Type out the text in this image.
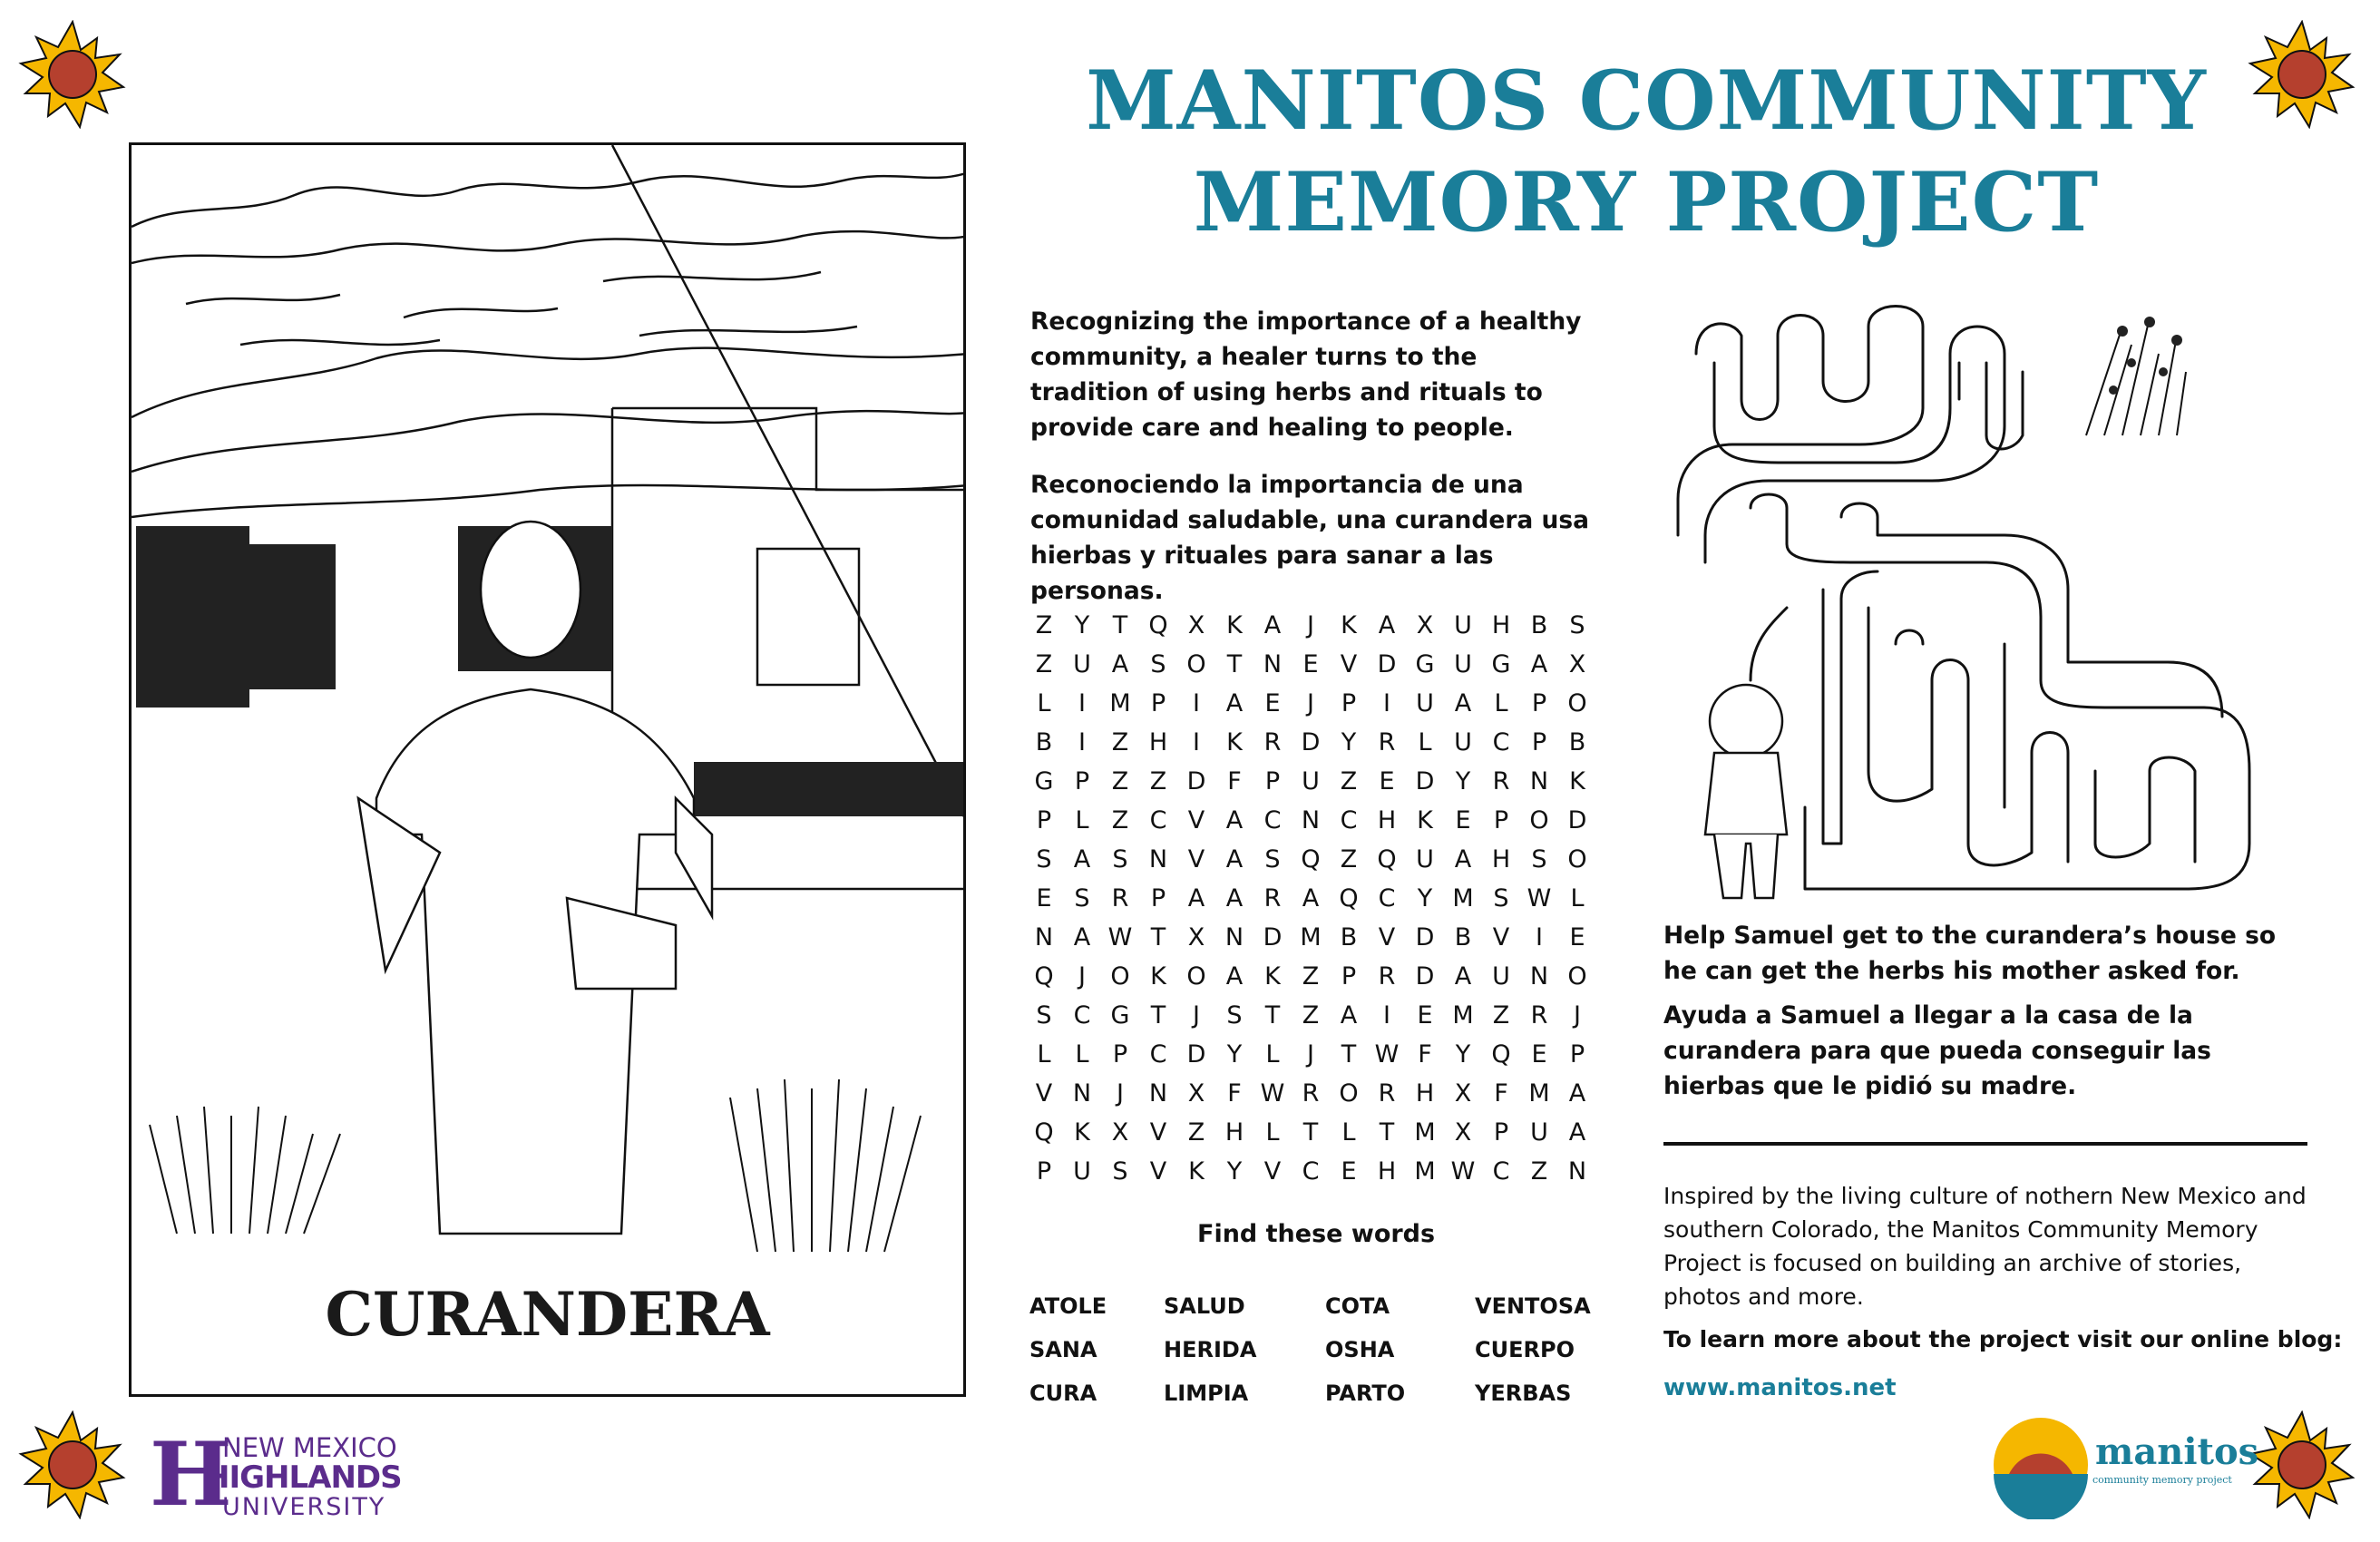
CURANDERA
MANITOS COMMUNITY
MEMORY PROJECT
Recognizing the importance of a healthy community, a healer turns to the tradition of using herbs and rituals to provide care and healing to people.
Reconociendo la importancia de una comunidad saludable, una curandera usa hierbas y rituales para sanar a las personas.
Z Y T Q X K A	J	K A X U H B S
Z U A S O T N E V D G U G A X
L	I M P	I	A E	J	P	I	U A L P O
B	I	Z H	I	K R D Y R L U C P B
G P Z Z D F P U Z E D Y R N K
P L Z C V A C N C H K E P O D
S A S N V A S Q Z Q U A H S O
E S R P A A R A Q C Y M S W L
N A W T X N D M B V D B V	I	E
Q	J	O K O A K Z P R D A U N O
S C G T	J	S T Z A	I	E M Z R	J
L L P C D Y L	J	T W F Y Q E P
V N	J	N X F W R O R H X F M A
Q K X V Z H L T L T M X P U A
P U S V K Y V C E H M W C Z N
Find these words
ATOLE	SALUD	COTA	VENTOSA
SANA	HERIDA	OSHA	CUERPO
CURA	LIMPIA	PARTO	YERBAS
Help Samuel get to the curandera’s house so he can get the herbs his mother asked for.
Ayuda a Samuel a llegar a la casa de la curandera para que pueda conseguir las hierbas que le pidió su madre.
Inspired by the living culture of nothern New Mexico and southern Colorado, the Manitos Community Memory Project is focused on building an archive of stories, photos and more.
To learn more about the project visit our online blog:
www.manitos.net
H
NEW MEXICO
HIGHLANDS
UNIVERSITY
manitos
community memory project
